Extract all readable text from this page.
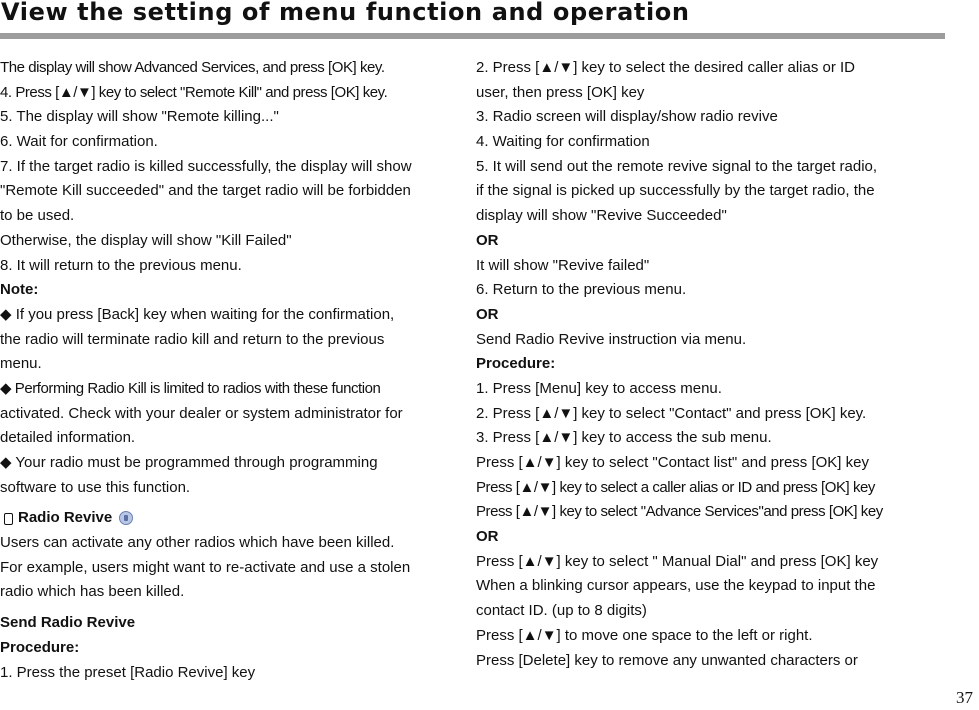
View the setting of menu function and operation
The display will show Advanced Services, and press [OK] key.
4. Press [▲/▼] key to select "Remote Kill" and press [OK] key.
5. The display will show "Remote killing..."
6. Wait for confirmation.
7. If the target radio is killed successfully, the display will show
"Remote Kill succeeded" and the target radio will be forbidden
to be used.
Otherwise, the display will show "Kill Failed"
8. It will return to the previous menu.
Note:
◆ If you press [Back] key when waiting for the confirmation,
the radio will terminate radio kill and return to the previous
menu.
◆ Performing Radio Kill is limited to radios with these function
activated. Check with your dealer or system administrator for
detailed information.
◆ Your radio must be programmed through programming
software to use this function.
Radio Revive
Users can activate any other radios which have been killed.
For example, users might want to re-activate and use a stolen
radio which has been killed.
Send Radio Revive
Procedure:
1. Press the preset [Radio Revive] key
2. Press [▲/▼] key to select the desired caller alias or ID
user, then press [OK] key
3. Radio screen will display/show radio revive
4. Waiting for confirmation
5. It will send out the remote revive signal to the target radio,
if the signal is picked up successfully by the target radio, the
display will show "Revive Succeeded"
OR
It will show "Revive failed"
6. Return to the previous menu.
OR
Send Radio Revive instruction via menu.
Procedure:
1. Press [Menu] key to access menu.
2. Press [▲/▼] key to select "Contact" and press [OK] key.
3. Press [▲/▼] key to access the sub menu.
Press [▲/▼] key to select "Contact list" and press [OK] key
Press [▲/▼] key to select a caller alias or ID and press [OK] key
Press [▲/▼] key to select "Advance Services"and press [OK] key
OR
Press [▲/▼] key to select " Manual Dial" and press [OK] key
When a blinking cursor appears, use the keypad to input the
contact ID. (up to 8 digits)
Press [▲/▼] to move one space to the left or right.
Press [Delete] key to remove any unwanted characters or
37
